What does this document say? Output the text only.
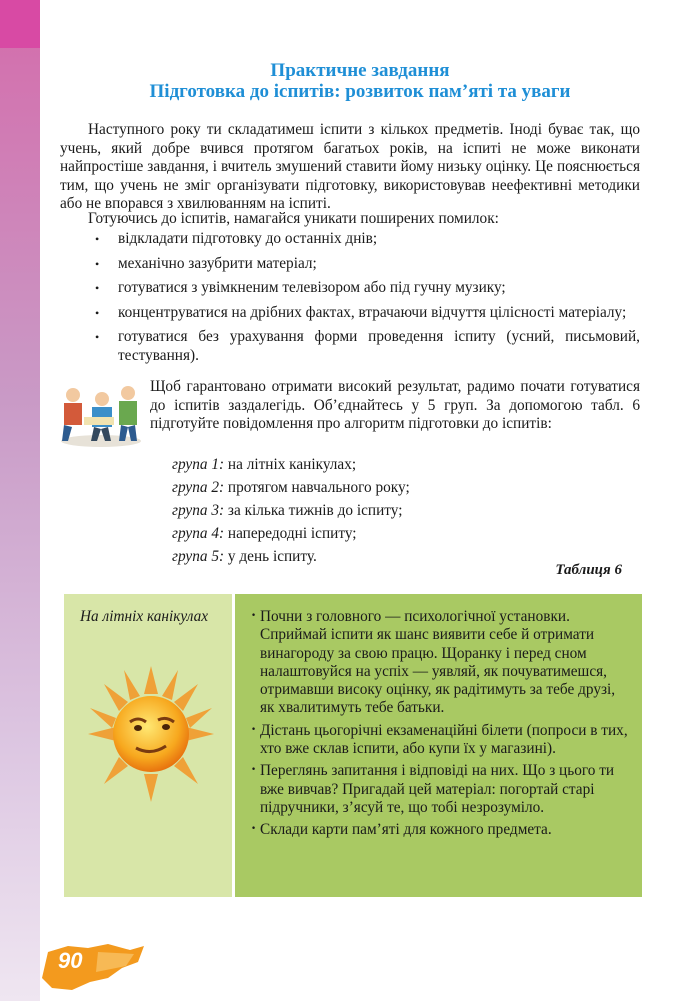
Практичне завдання
Підготовка до іспитів: розвиток пам’яті та уваги
Наступного року ти складатимеш іспити з кількох предметів. Іноді буває так, що учень, який добре вчився протягом багатьох років, на іспиті не може виконати найпростіше завдання, і вчитель змушений ставити йому низьку оцінку. Це пояснюється тим, що учень не зміг організувати підготовку, використовував неефективні методики або не впорався з хвилюванням на іспиті.
Готуючись до іспитів, намагайся уникати поширених помилок:
• відкладати підготовку до останніх днів;
• механічно зазубрити матеріал;
• готуватися з увімкненим телевізором або під гучну музику;
• концентруватися на дрібних фактах, втрачаючи відчуття цілісності матеріалу;
• готуватися без урахування форми проведення іспиту (усний, письмовий, тестування).
Щоб гарантовано отримати високий результат, радимо почати готуватися до іспитів заздалегідь. Об’єднайтесь у 5 груп. За допомогою табл. 6 підготуйте повідомлення про алгоритм підготовки до іспитів:
група 1: на літніх канікулах;
група 2: протягом навчального року;
група 3: за кілька тижнів до іспиту;
група 4: напередодні іспиту;
група 5: у день іспиту.
Таблиця 6
На літніх канікулах
·	Почни з головного — психологічної установки. Сприймай іспити як шанс виявити себе й отримати винагороду за свою працю. Щоранку і перед сном налаштовуйся на успіх — уявляй, як почуватимешся, отримавши високу оцінку, як радітимуть за тебе друзі, як хвалитимуть тебе батьки.
· Дістань цьогорічні екзаменаційні білети (попроси в тих, хто вже склав іспити, або купи їх у магазині).
· Переглянь запитання і відповіді на них. Що з цього ти вже вивчав? Пригадай цей матеріал: погортай старі підручники, з’ясуй те, що тобі незрозуміло.
· Склади карти пам’яті для кожного предмета.
90
